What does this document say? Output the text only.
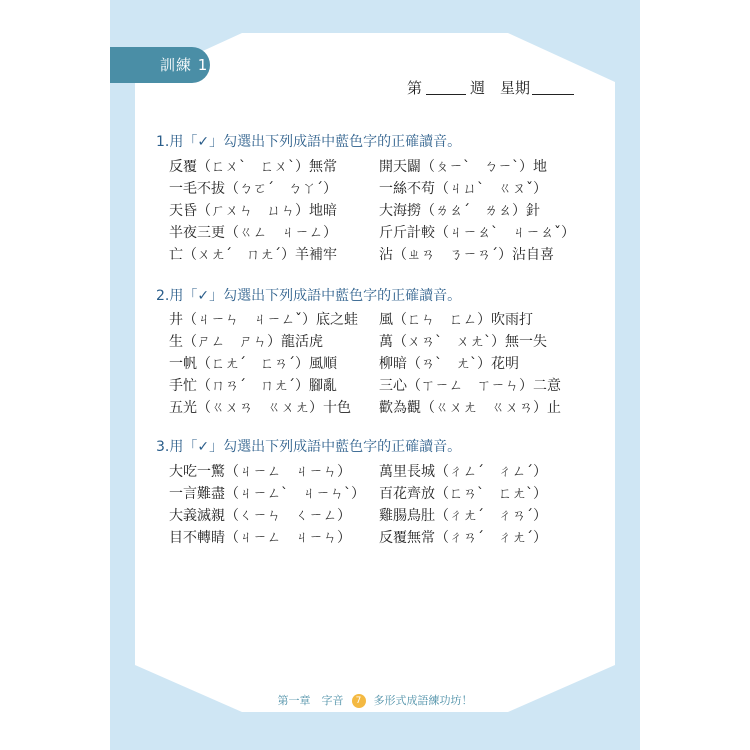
訓練 1
第	週　 星期
1.用「✓」勾選出下列成語中藍色字的正確讀音。
反覆（ㄈㄨˋ　ㄈㄨˋ）無常	開天闢（ㄆㄧˋ　ㄅㄧˋ）地
一毛不拔（ㄅㄛˊ　ㄅㄚˊ）	一絲不苟（ㄐㄩˋ　ㄍㄡˇ）
天昏（ㄏㄨㄣ　ㄩㄣ）地暗	大海撈（ㄌㄠˊ　ㄌㄠ）針
半夜三更（ㄍㄥ　ㄐㄧㄥ）	斤斤計較（ㄐㄧㄠˋ　ㄐㄧㄠˇ）
亡（ㄨㄤˊ　ㄇㄤˊ）羊補牢	沾（ㄓㄢ　ㄋㄧㄢˊ）沾自喜
2.用「✓」勾選出下列成語中藍色字的正確讀音。
井（ㄐㄧㄣ　ㄐㄧㄥˇ）底之蛙	風（ㄈㄣ　ㄈㄥ）吹雨打
生（ㄕㄥ　ㄕㄣ）龍活虎	萬（ㄨㄢˋ　ㄨㄤˋ）無一失
一帆（ㄈㄤˊ　ㄈㄢˊ）風順	柳暗（ㄢˋ　ㄤˋ）花明
手忙（ㄇㄢˊ　ㄇㄤˊ）腳亂	三心（ㄒㄧㄥ　ㄒㄧㄣ）二意
五光（ㄍㄨㄢ　ㄍㄨㄤ）十色	歡為觀（ㄍㄨㄤ　ㄍㄨㄢ）止
3.用「✓」勾選出下列成語中藍色字的正確讀音。
大吃一驚（ㄐㄧㄥ　ㄐㄧㄣ）	萬里長城（ㄔㄥˊ　ㄔㄥˊ）
一言難盡（ㄐㄧㄥˋ　ㄐㄧㄣˋ）	百花齊放（ㄈㄢˋ　ㄈㄤˋ）
大義滅親（ㄑㄧㄣ　ㄑㄧㄥ）	雞腸鳥肚（ㄔㄤˊ　ㄔㄢˊ）
目不轉睛（ㄐㄧㄥ　ㄐㄧㄣ）	反覆無常（ㄔㄢˊ　ㄔㄤˊ）
第一章　字音 7 多形式成語練功坊！
